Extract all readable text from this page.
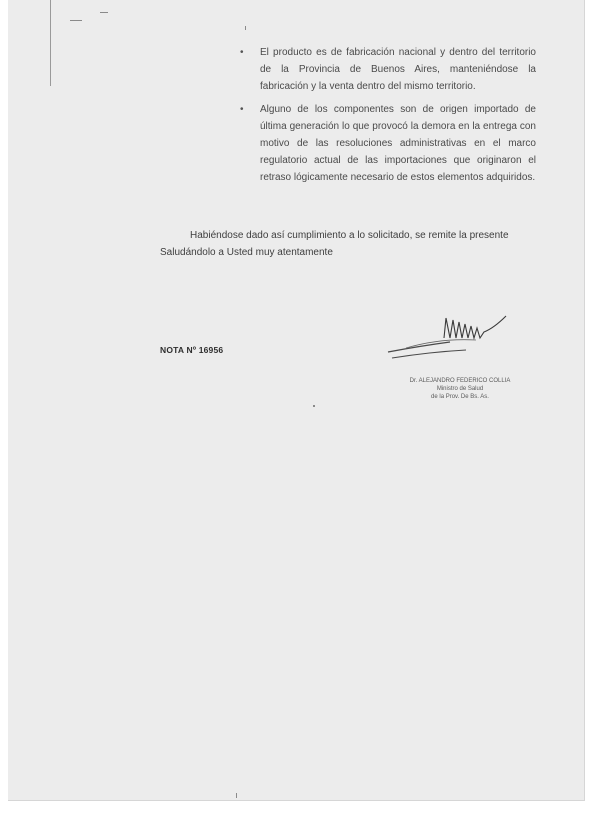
• El producto es de fabricación nacional y dentro del territorio de la Provincia de Buenos Aires, manteniéndose la fabricación y la venta dentro del mismo territorio.
• Alguno de los componentes son de origen importado de última generación lo que provocó la demora en la entrega con motivo de las resoluciones administrativas en el marco regulatorio actual de las importaciones que originaron el retraso lógicamente necesario de estos elementos adquiridos.

Habiéndose dado así cumplimiento a lo solicitado, se remite la presente

Saludándolo a Usted muy atentamente

NOTA Nº 16956
Dr. ALEJANDRO FEDERICO COLLIA
Ministro de Salud
de la Prov. De Bs. As.
